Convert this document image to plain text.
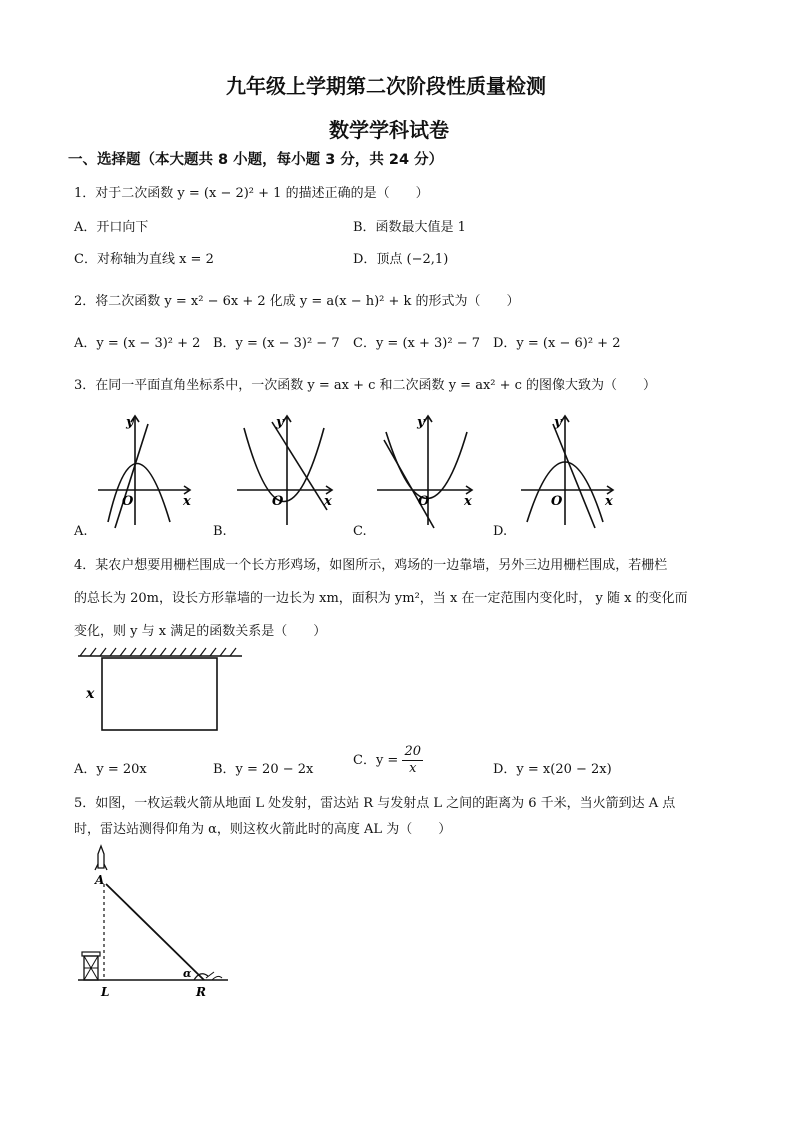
九年级上学期第二次阶段性质量检测
数学学科试卷
一、选择题（本大题共 8 小题，每小题 3 分，共 24 分）
1．对于二次函数 y = (x − 2)² + 1 的描述正确的是（　　）
A．开口向下	B．函数最大值是 1
C．对称轴为直线 x = 2	D．顶点 (−2,1)
2．将二次函数 y = x² − 6x + 2 化成 y = a(x − h)² + k 的形式为（　　）
A．y = (x − 3)² + 2 B．y = (x − 3)² − 7 C．y = (x + 3)² − 7 D．y = (x − 6)² + 2
3．在同一平面直角坐标系中，一次函数 y = ax + c 和二次函数 y = ax² + c 的图像大致为（　　）
y
x
O
A.
y
x
O
B.
y
x
O
C.
y
x
O
D.
4．某农户想要用栅栏围成一个长方形鸡场，如图所示，鸡场的一边靠墙，另外三边用栅栏围成，若栅栏
的总长为 20m，设长方形靠墙的一边长为 xm，面积为 ym²，当 x 在一定范围内变化时， y 随 x 的变化而
变化，则 y 与 x 满足的函数关系是（　　）
x
A．y = 20x	B．y = 20 − 2x
C．$y = \frac{20}{x}$	D．y = x(20 − 2x)
5．如图，一枚运载火箭从地面 L 处发射，雷达站 R 与发射点 L 之间的距离为 6 千米，当火箭到达 A 点
时，雷达站测得仰角为 α，则这枚火箭此时的高度 AL 为（　　）
A
L	R
α
